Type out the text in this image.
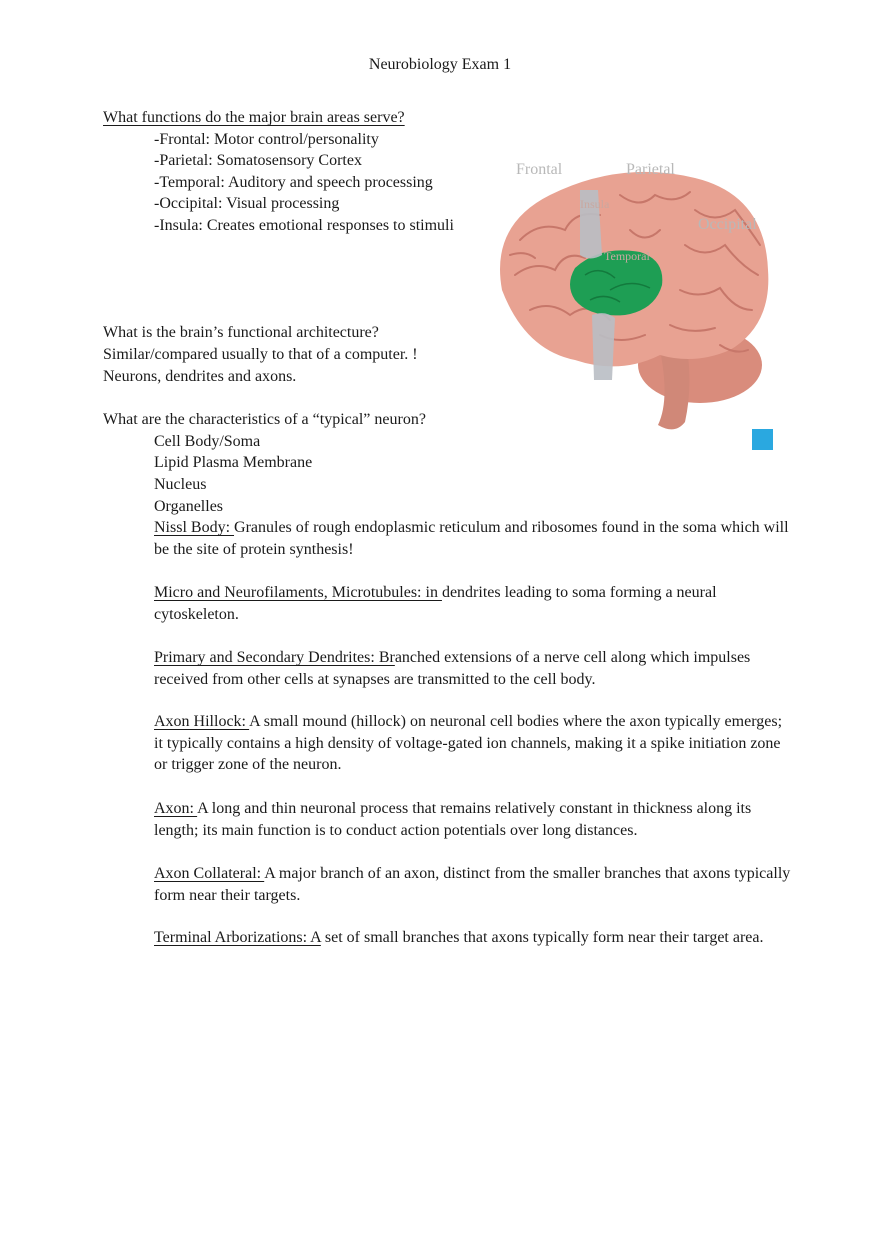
Neurobiology Exam 1

What functions do the major brain areas serve?

-Frontal: Motor control/personality

-Parietal: Somatosensory Cortex

-Temporal: Auditory and speech processing

-Occipital: Visual processing

-Insula: Creates emotional responses to stimuli

Frontal	Parietal
Insula
Occipital
Temporal

What is the brain’s functional architecture?

Similar/compared usually to that of a computer. !

Neurons, dendrites and axons.

What are the characteristics of a “typical” neuron?

Cell Body/Soma

Lipid Plasma Membrane

Nucleus

Organelles

Nissl Body: Granules of rough endoplasmic reticulum and ribosomes found in the soma which will be the site of protein synthesis!

Micro and Neurofilaments, Microtubules: in dendrites leading to soma forming a neural cytoskeleton.

Primary and Secondary Dendrites: Branched extensions of a nerve cell along which impulses received from other cells at synapses are transmitted to the cell body.

Axon Hillock: A small mound (hillock) on neuronal cell bodies where the axon typically emerges; it typically contains a high density of voltage-gated ion channels, making it a spike initiation zone or trigger zone of the neuron.

Axon: A long and thin neuronal process that remains relatively constant in thickness along its length; its main function is to conduct action potentials over long distances.

Axon Collateral: A major branch of an axon, distinct from the smaller branches that axons typically form near their targets.

Terminal Arborizations: A set of small branches that axons typically form near their target area.
